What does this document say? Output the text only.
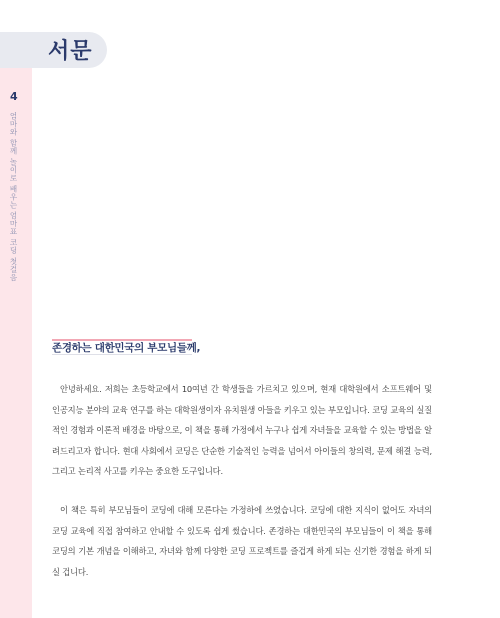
서문
4
엄마와 함께 놀이로 배우는 엄마표 코딩 첫걸음
존경하는 대한민국의 부모님들께,
안녕하세요. 저희는 초등학교에서 10여년 간 학생들을 가르치고 있으며, 현재 대학원에서 소프트웨어 및 인공지능 분야의 교육 연구를 하는 대학원생이자 유치원생 아들을 키우고 있는 부모입니다. 코딩 교육의 실질적인 경험과 이론적 배경을 바탕으로, 이 책을 통해 가정에서 누구나 쉽게 자녀들을 교육할 수 있는 방법을 알려드리고자 합니다. 현대 사회에서 코딩은 단순한 기술적인 능력을 넘어서 아이들의 창의력, 문제 해결 능력, 그리고 논리적 사고를 키우는 중요한 도구입니다.
이 책은 특히 부모님들이 코딩에 대해 모른다는 가정하에 쓰였습니다. 코딩에 대한 지식이 없어도 자녀의 코딩 교육에 직접 참여하고 안내할 수 있도록 쉽게 썼습니다. 존경하는 대한민국의 부모님들이 이 책을 통해 코딩의 기본 개념을 이해하고, 자녀와 함께 다양한 코딩 프로젝트를 즐겁게 하게 되는 신기한 경험을 하게 되실 겁니다.
